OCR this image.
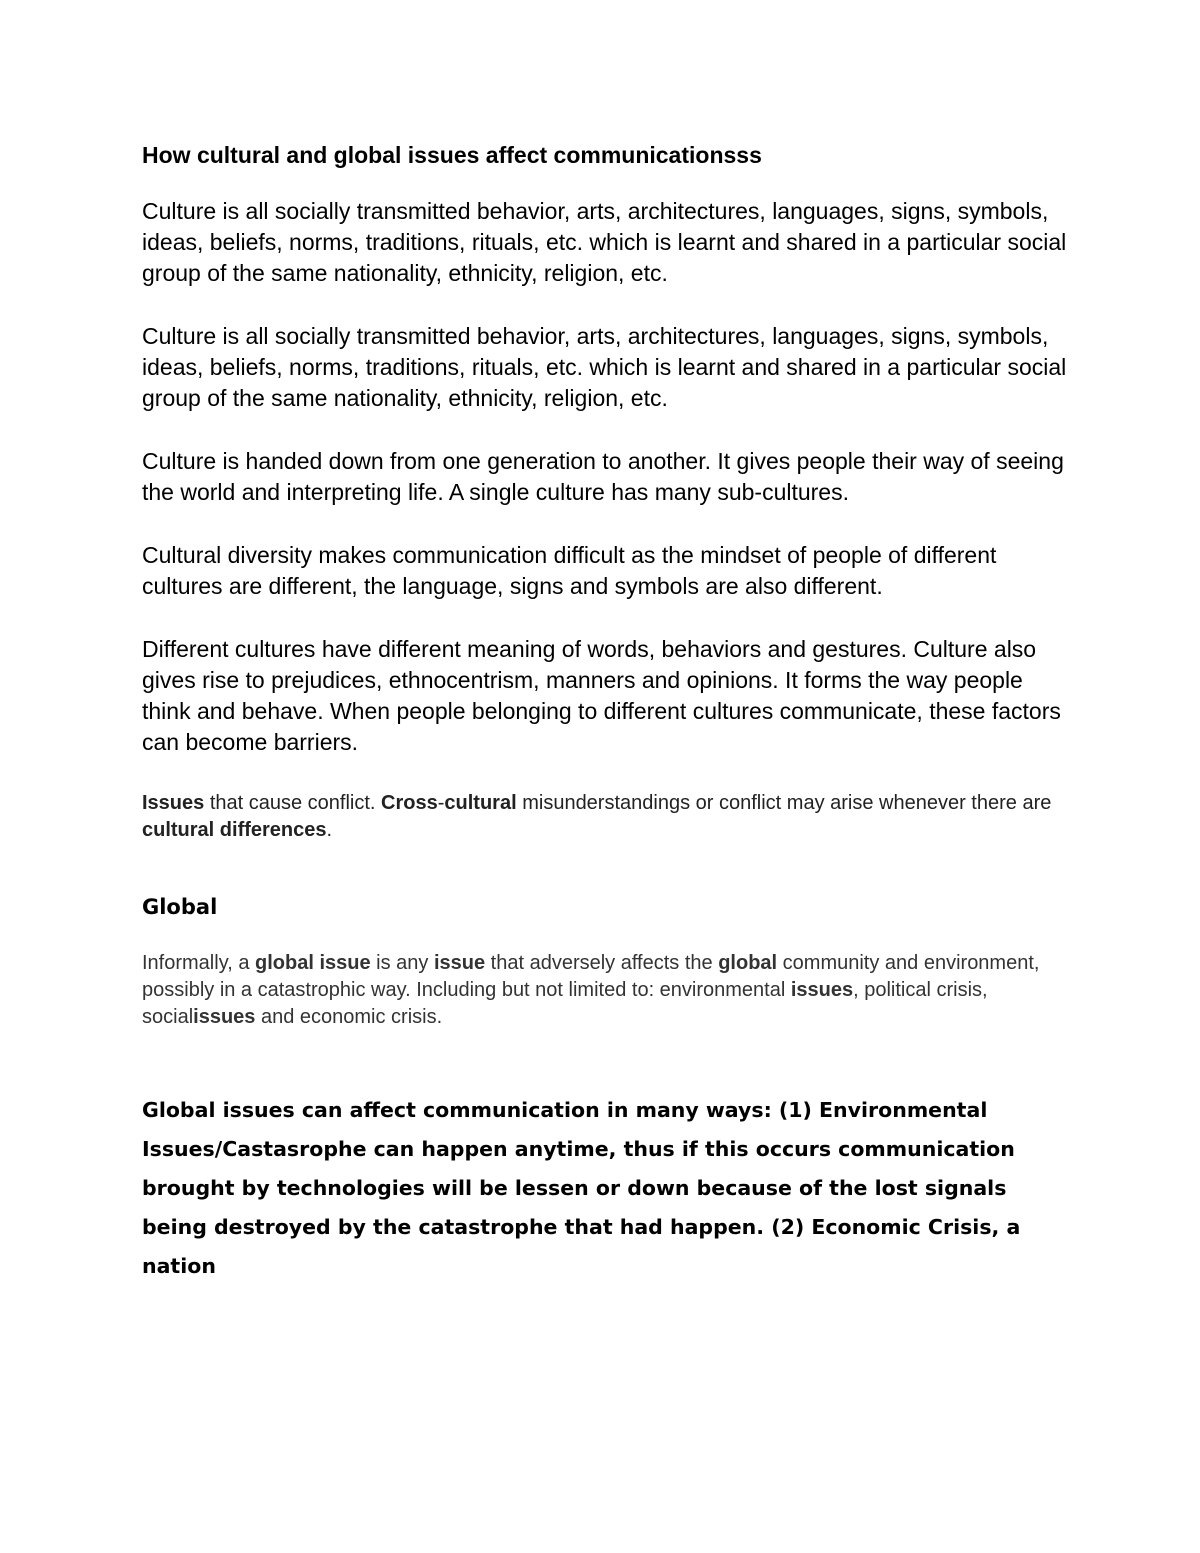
How cultural and global issues affect communicationsss

Culture is all socially transmitted behavior, arts, architectures, languages, signs, symbols, ideas, beliefs, norms, traditions, rituals, etc. which is learnt and shared in a particular social group of the same nationality, ethnicity, religion, etc.

Culture is all socially transmitted behavior, arts, architectures, languages, signs, symbols, ideas, beliefs, norms, traditions, rituals, etc. which is learnt and shared in a particular social group of the same nationality, ethnicity, religion, etc.

Culture is handed down from one generation to another. It gives people their way of seeing the world and interpreting life. A single culture has many sub-cultures.

Cultural diversity makes communication difficult as the mindset of people of different cultures are different, the language, signs and symbols are also different.

Different cultures have different meaning of words, behaviors and gestures. Culture also gives rise to prejudices, ethnocentrism, manners and opinions. It forms the way people think and behave. When people belonging to different cultures communicate, these factors can become barriers.

Issues that cause conflict. Cross-cultural misunderstandings or conflict may arise whenever there are cultural differences.

Global

Informally, a global issue is any issue that adversely affects the global community and environment, possibly in a catastrophic way. Including but not limited to: environmental issues, political crisis, socialissues and economic crisis.

Global issues can affect communication in many ways: (1) Environmental Issues/Castasrophe can happen anytime, thus if this occurs communication brought by technologies will be lessen or down because of the lost signals being destroyed by the catastrophe that had happen. (2) Economic Crisis, a nation
